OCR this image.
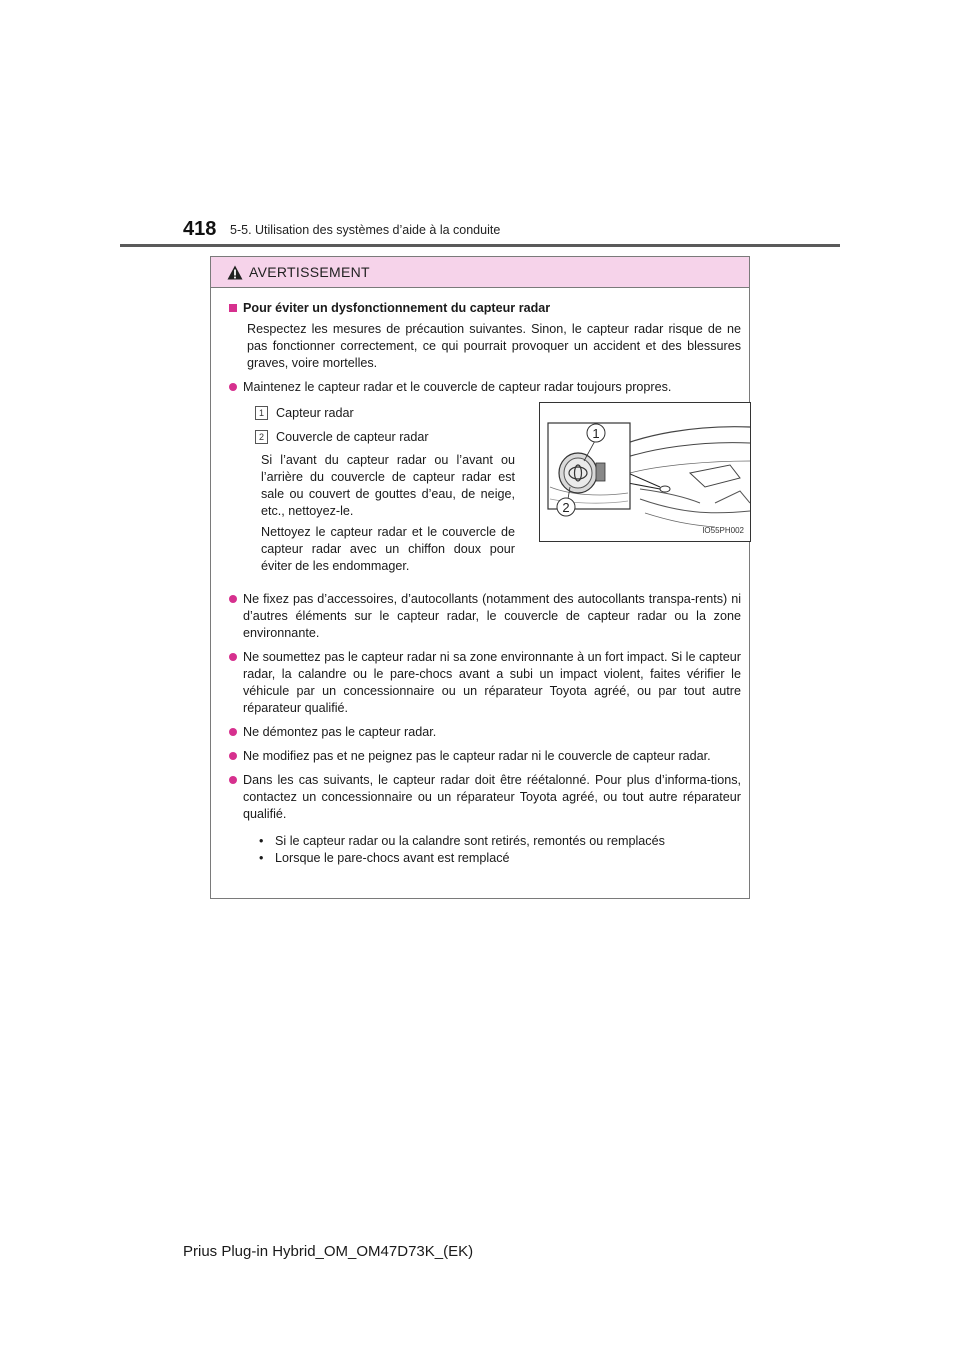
418 5-5. Utilisation des systèmes d’aide à la conduite
AVERTISSEMENT
Pour éviter un dysfonctionnement du capteur radar
Respectez les mesures de précaution suivantes. Sinon, le capteur radar risque de ne pas fonctionner correctement, ce qui pourrait provoquer un accident et des blessures graves, voire mortelles.
Maintenez le capteur radar et le couvercle de capteur radar toujours propres.
1 Capteur radar
2 Couvercle de capteur radar
Si l’avant du capteur radar ou l’avant ou l’arrière du couvercle de capteur radar est sale ou couvert de gouttes d’eau, de neige, etc., nettoyez-le.
Nettoyez le capteur radar et le couvercle de capteur radar avec un chiffon doux pour éviter de les endommager.
1
2
IO55PH002
Ne fixez pas d’accessoires, d’autocollants (notamment des autocollants transpa-rents) ni d’autres éléments sur le capteur radar, le couvercle de capteur radar ou la zone environnante.
Ne soumettez pas le capteur radar ni sa zone environnante à un fort impact. Si le capteur radar, la calandre ou le pare-chocs avant a subi un impact violent, faites vérifier le véhicule par un concessionnaire ou un réparateur Toyota agréé, ou par tout autre réparateur qualifié.
Ne démontez pas le capteur radar.
Ne modifiez pas et ne peignez pas le capteur radar ni le couvercle de capteur radar.
Dans les cas suivants, le capteur radar doit être réétalonné. Pour plus d’informa-tions, contactez un concessionnaire ou un réparateur Toyota agréé, ou tout autre réparateur qualifié.
• Si le capteur radar ou la calandre sont retirés, remontés ou remplacés
• Lorsque le pare-chocs avant est remplacé
Prius Plug-in Hybrid_OM_OM47D73K_(EK)
